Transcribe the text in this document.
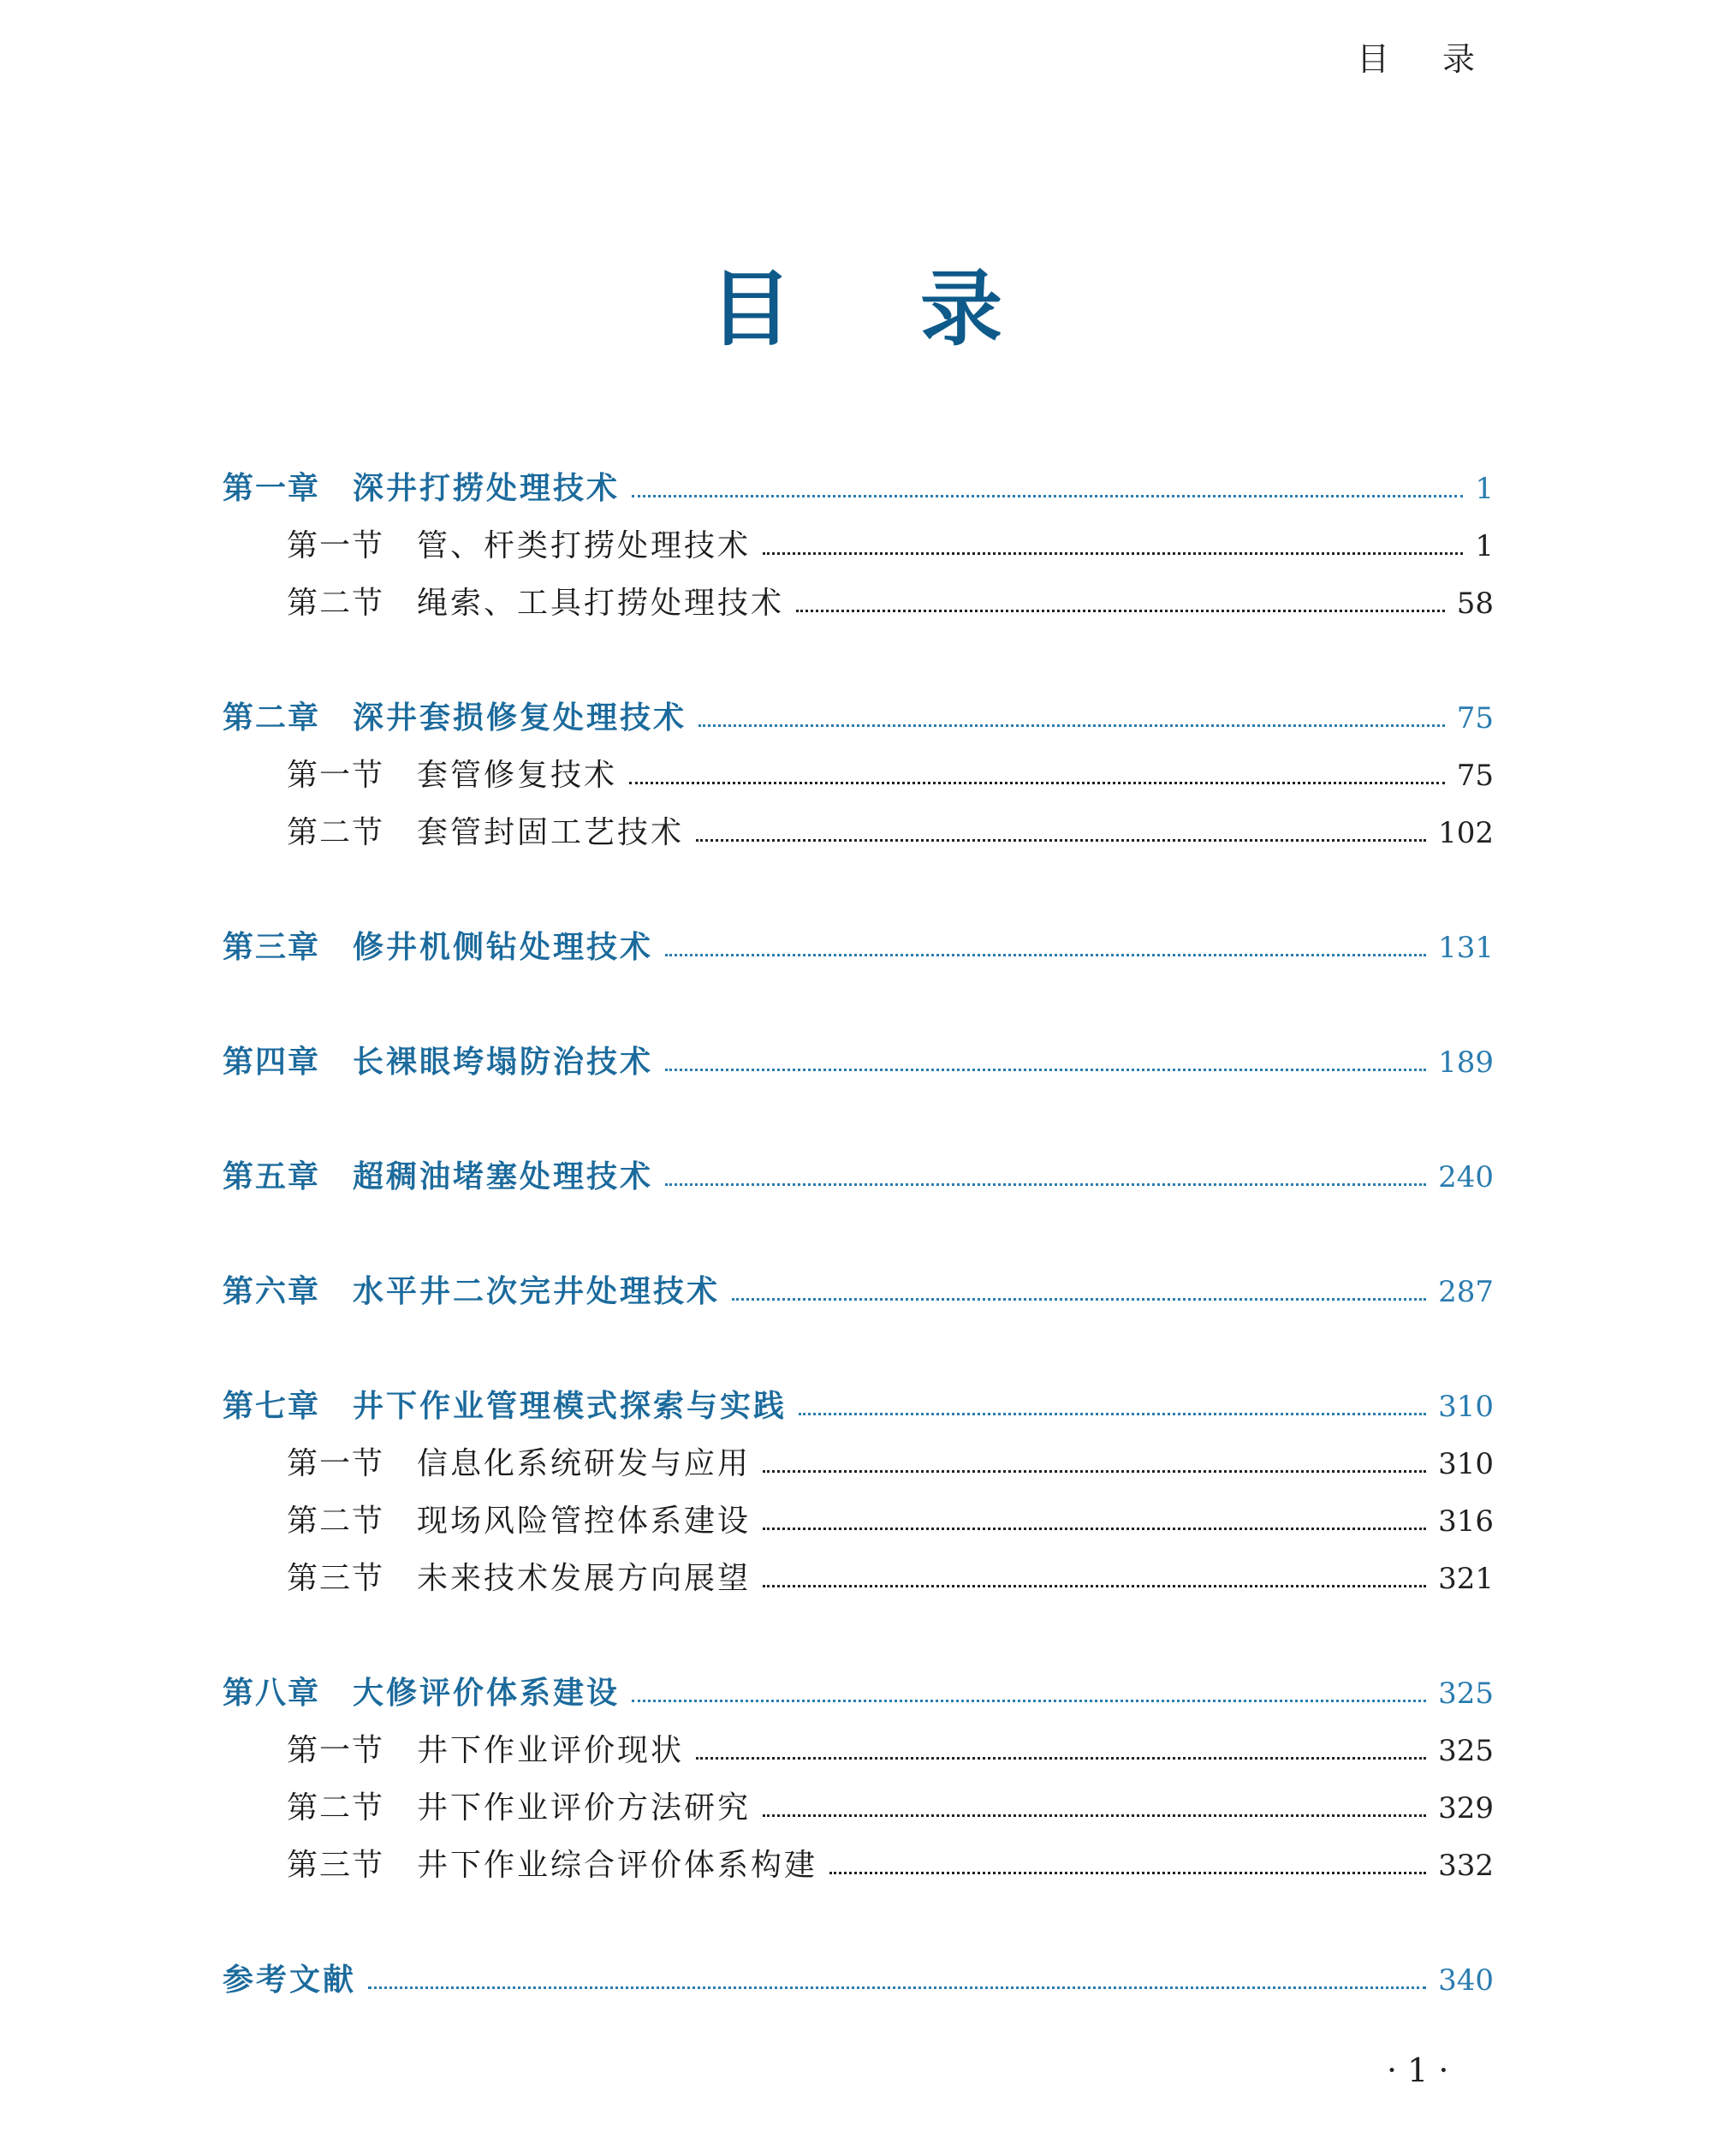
目 录
目 录
第一章	深井打捞处理技术	1
第一节	管、杆类打捞处理技术	1
第二节	绳索、工具打捞处理技术	58
第二章	深井套损修复处理技术	75
第一节	套管修复技术	75
第二节	套管封固工艺技术	102
第三章	修井机侧钻处理技术	131
第四章	长裸眼垮塌防治技术	189
第五章	超稠油堵塞处理技术	240
第六章	水平井二次完井处理技术	287
第七章	井下作业管理模式探索与实践	310
第一节	信息化系统研发与应用	310
第二节	现场风险管控体系建设	316
第三节	未来技术发展方向展望	321
第八章	大修评价体系建设	325
第一节	井下作业评价现状	325
第二节	井下作业评价方法研究	329
第三节	井下作业综合评价体系构建	332
参考文献	340
· 1 ·
